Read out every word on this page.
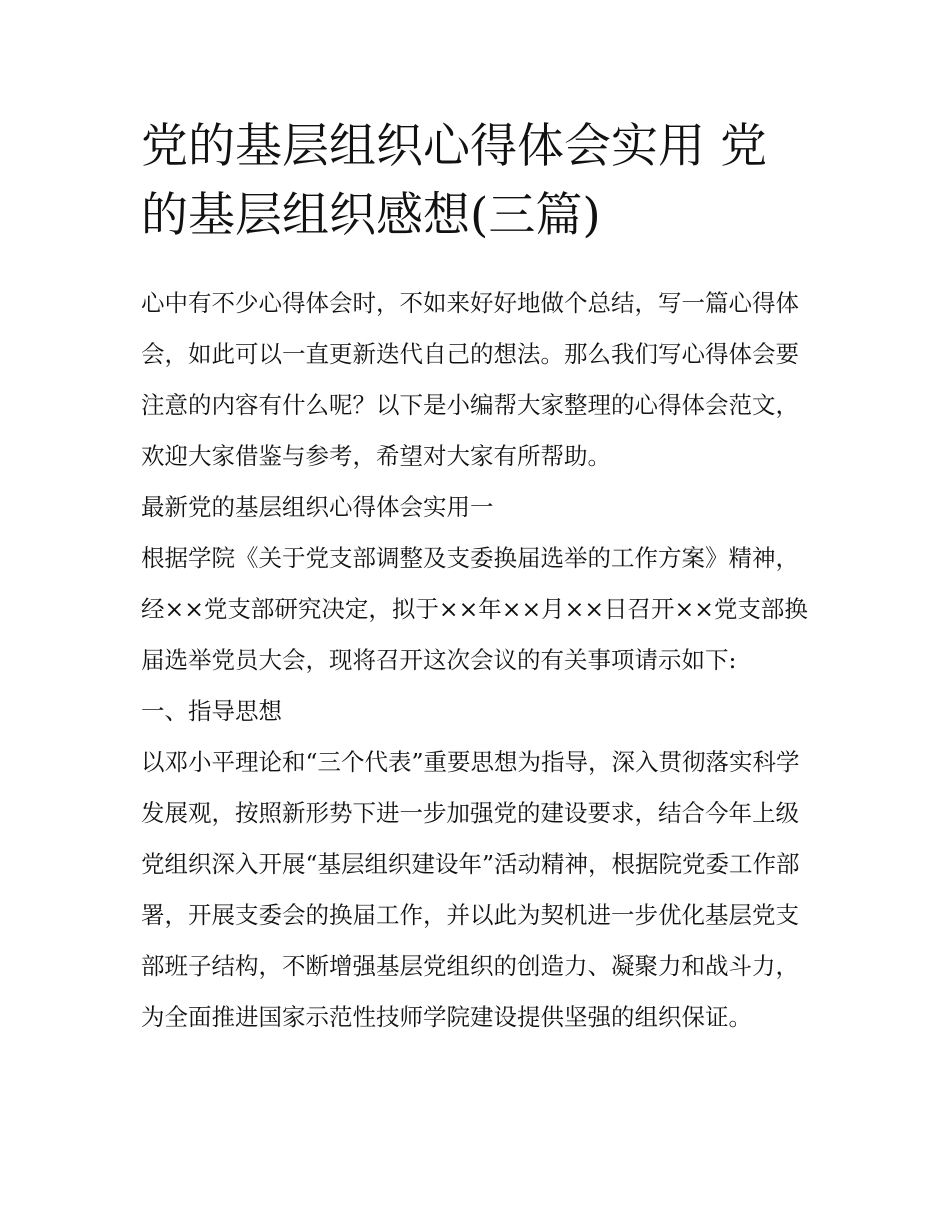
党的基层组织心得体会实用 党的基层组织感想(三篇)

心中有不少心得体会时，不如来好好地做个总结，写一篇心得体会，如此可以一直更新迭代自己的想法。那么我们写心得体会要注意的内容有什么呢？以下是小编帮大家整理的心得体会范文，欢迎大家借鉴与参考，希望对大家有所帮助。

最新党的基层组织心得体会实用一

根据学院《关于党支部调整及支委换届选举的工作方案》精神，经××党支部研究决定，拟于××年××月××日召开××党支部换届选举党员大会，现将召开这次会议的有关事项请示如下:

一、指导思想

以邓小平理论和“三个代表”重要思想为指导，深入贯彻落实科学发展观，按照新形势下进一步加强党的建设要求，结合今年上级党组织深入开展“基层组织建设年”活动精神，根据院党委工作部署，开展支委会的换届工作，并以此为契机进一步优化基层党支部班子结构，不断增强基层党组织的创造力、凝聚力和战斗力，为全面推进国家示范性技师学院建设提供坚强的组织保证。
